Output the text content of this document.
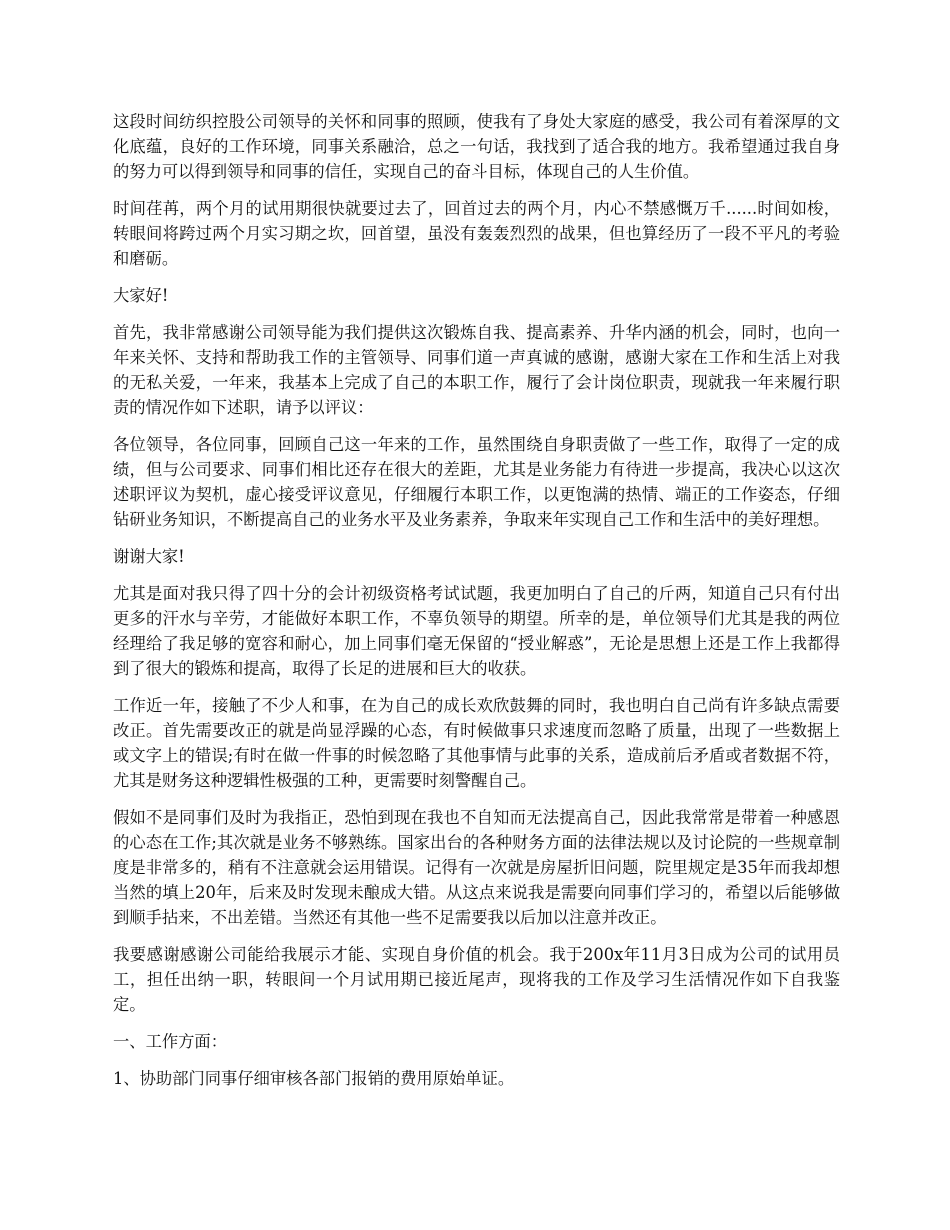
这段时间纺织控股公司领导的关怀和同事的照顾，使我有了身处大家庭的感受，我公司有着深厚的文化底蕴，良好的工作环境，同事关系融洽，总之一句话，我找到了适合我的地方。我希望通过我自身的努力可以得到领导和同事的信任，实现自己的奋斗目标，体现自己的人生价值。

时间荏苒，两个月的试用期很快就要过去了，回首过去的两个月，内心不禁感慨万千......时间如梭，转眼间将跨过两个月实习期之坎，回首望，虽没有轰轰烈烈的战果，但也算经历了一段不平凡的考验和磨砺。

大家好!

首先，我非常感谢公司领导能为我们提供这次锻炼自我、提高素养、升华内涵的机会，同时，也向一年来关怀、支持和帮助我工作的主管领导、同事们道一声真诚的感谢，感谢大家在工作和生活上对我的无私关爱，一年来，我基本上完成了自己的本职工作，履行了会计岗位职责，现就我一年来履行职责的情况作如下述职，请予以评议：

各位领导，各位同事，回顾自己这一年来的工作，虽然围绕自身职责做了一些工作，取得了一定的成绩，但与公司要求、同事们相比还存在很大的差距，尤其是业务能力有待进一步提高，我决心以这次述职评议为契机，虚心接受评议意见，仔细履行本职工作，以更饱满的热情、端正的工作姿态，仔细钻研业务知识，不断提高自己的业务水平及业务素养，争取来年实现自己工作和生活中的美好理想。

谢谢大家!

尤其是面对我只得了四十分的会计初级资格考试试题，我更加明白了自己的斤两，知道自己只有付出更多的汗水与辛劳，才能做好本职工作，不辜负领导的期望。所幸的是，单位领导们尤其是我的两位经理给了我足够的宽容和耐心，加上同事们毫无保留的“授业解惑”，无论是思想上还是工作上我都得到了很大的锻炼和提高，取得了长足的进展和巨大的收获。

工作近一年，接触了不少人和事，在为自己的成长欢欣鼓舞的同时，我也明白自己尚有许多缺点需要改正。首先需要改正的就是尚显浮躁的心态，有时候做事只求速度而忽略了质量，出现了一些数据上或文字上的错误;有时在做一件事的时候忽略了其他事情与此事的关系，造成前后矛盾或者数据不符，尤其是财务这种逻辑性极强的工种，更需要时刻警醒自己。

假如不是同事们及时为我指正，恐怕到现在我也不自知而无法提高自己，因此我常常是带着一种感恩的心态在工作;其次就是业务不够熟练。国家出台的各种财务方面的法律法规以及讨论院的一些规章制度是非常多的，稍有不注意就会运用错误。记得有一次就是房屋折旧问题，院里规定是35年而我却想当然的填上20年，后来及时发现未酿成大错。从这点来说我是需要向同事们学习的，希望以后能够做到顺手拈来，不出差错。当然还有其他一些不足需要我以后加以注意并改正。

我要感谢感谢公司能给我展示才能、实现自身价值的机会。我于200x年11月3日成为公司的试用员工，担任出纳一职，转眼间一个月试用期已接近尾声，现将我的工作及学习生活情况作如下自我鉴定。

一、工作方面：

1、协助部门同事仔细审核各部门报销的费用原始单证。
